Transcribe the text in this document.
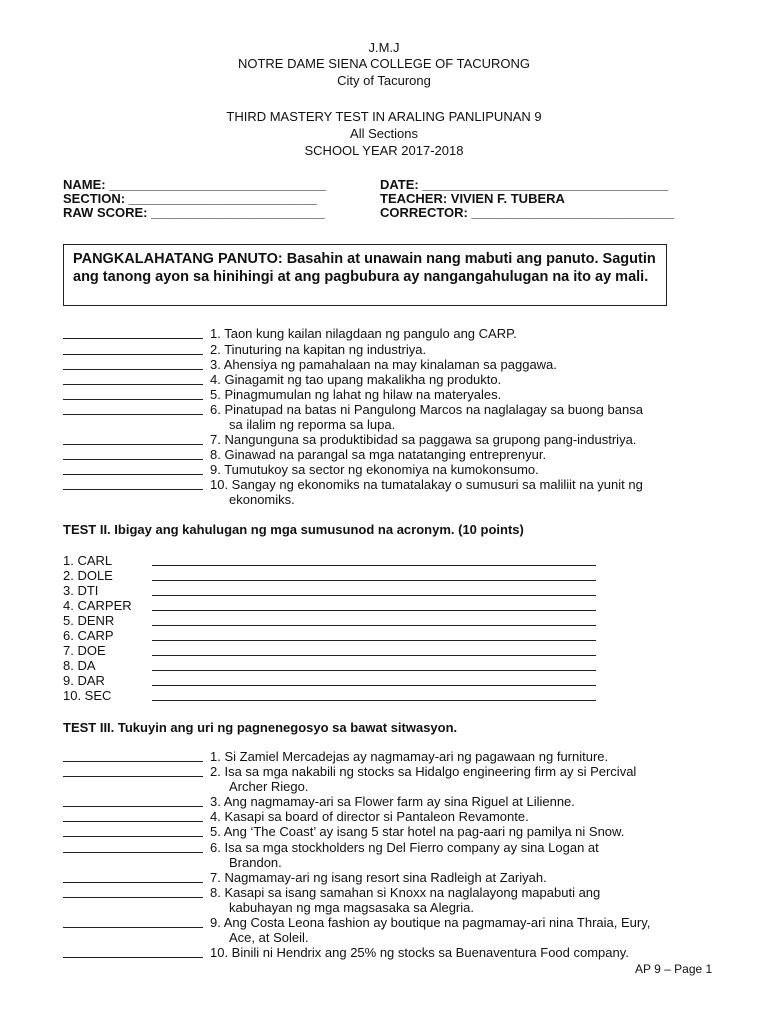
J.M.J
NOTRE DAME SIENA COLLEGE OF TACURONG
City of Tacurong
THIRD MASTERY TEST IN ARALING PANLIPUNAN 9
All Sections
SCHOOL YEAR 2017-2018
NAME: ______________________________
SECTION: __________________________
RAW SCORE: ________________________
DATE: __________________________________
TEACHER: VIVIEN F. TUBERA
CORRECTOR: ____________________________
PANGKALAHATANG PANUTO: Basahin at unawain nang mabuti ang panuto. Sagutin ang tanong ayon sa hinihingi at ang pagbubura ay nangangahulugan na ito ay mali.
1. Taon kung kailan nilagdaan ng pangulo ang CARP.
2. Tinuturing na kapitan ng industriya.
3. Ahensiya ng pamahalaan na may kinalaman sa paggawa.
4. Ginagamit ng tao upang makalikha ng produkto.
5. Pinagmumulan ng lahat ng hilaw na materyales.
6. Pinatupad na batas ni Pangulong Marcos na naglalagay sa buong bansa
sa ilalim ng reporma sa lupa.
7. Nangunguna sa produktibidad sa paggawa sa grupong pang-industriya.
8. Ginawad na parangal sa mga natatanging entreprenyur.
9. Tumutukoy sa sector ng ekonomiya na kumokonsumo.
10. Sangay ng ekonomiks na tumatalakay o sumusuri sa maliliit na yunit ng
ekonomiks.
TEST II. Ibigay ang kahulugan ng mga sumusunod na acronym. (10 points)
1. CARL
2. DOLE
3. DTI
4. CARPER
5. DENR
6. CARP
7. DOE
8. DA
9. DAR
10. SEC
TEST III. Tukuyin ang uri ng pagnenegosyo sa bawat sitwasyon.
1. Si Zamiel Mercadejas ay nagmamay-ari ng pagawaan ng furniture.
2. Isa sa mga nakabili ng stocks sa Hidalgo engineering firm ay si Percival
Archer Riego.
3. Ang nagmamay-ari sa Flower farm ay sina Riguel at Lilienne.
4. Kasapi sa board of director si Pantaleon Revamonte.
5. Ang ‘The Coast’ ay isang 5 star hotel na pag-aari ng pamilya ni Snow.
6. Isa sa mga stockholders ng Del Fierro company ay sina Logan at
Brandon.
7. Nagmamay-ari ng isang resort sina Radleigh at Zariyah.
8. Kasapi sa isang samahan si Knoxx na naglalayong mapabuti ang
kabuhayan ng mga magsasaka sa Alegria.
9. Ang Costa Leona fashion ay boutique na pagmamay-ari nina Thraia, Eury,
Ace, at Soleil.
10. Binili ni Hendrix ang 25% ng stocks sa Buenaventura Food company.
AP 9 – Page 1
